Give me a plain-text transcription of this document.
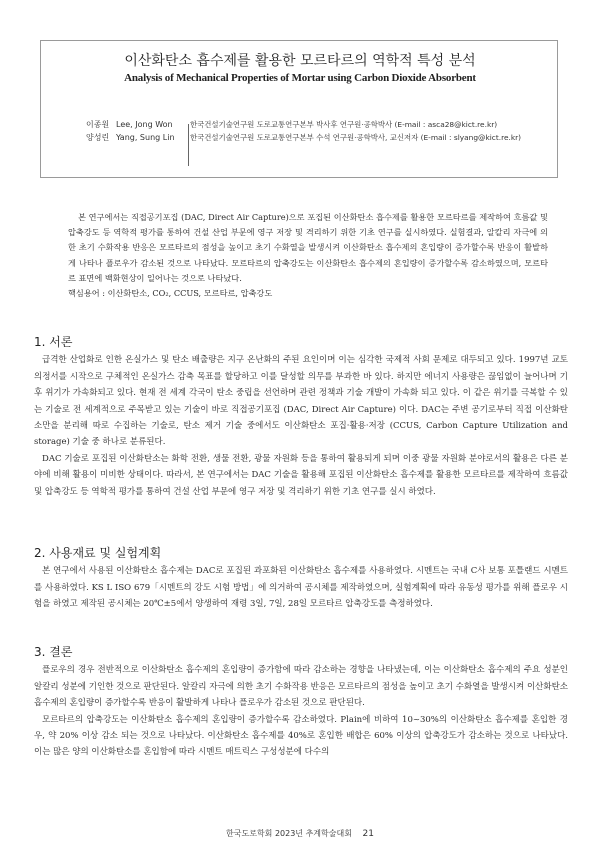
이산화탄소 흡수제를 활용한 모르타르의 역학적 특성 분석
Analysis of Mechanical Properties of Mortar using Carbon Dioxide Absorbent
이종원 Lee, Jong Won	한국건설기술연구원 도로교통연구본부 박사후 연구원·공학박사 (E-mail : asca28@kict.re.kr)
양성린 Yang, Sung Lin	한국건설기술연구원 도로교통연구본부 수석 연구원·공학박사, 교신저자 (E-mail : slyang@kict.re.kr)

본 연구에서는 직접공기포집 (DAC, Direct Air Capture)으로 포집된 이산화탄소 흡수제를 활용한 모르타르를 제작하여 흐름값 및 압축강도 등 역학적 평가를 통하여 건설 산업 부문에 영구 저장 및 격리하기 위한 기초 연구를 실시하였다. 실험결과, 알칼리 자극에 의한 초기 수화작용 반응은 모르타르의 점성을 높이고 초기 수화열을 발생시켜 이산화탄소 흡수제의 혼입량이 증가할수록 반응이 활발하게 나타나 플로우가 감소된 것으로 나타났다. 모르타르의 압축강도는 이산화탄소 흡수제의 혼입량이 증가할수록 감소하였으며, 모르타르 표면에 백화현상이 일어나는 것으로 나타났다.

핵심용어 : 이산화탄소, CO₂, CCUS, 모르타르, 압축강도

1. 서론

급격한 산업화로 인한 온실가스 및 탄소 배출량은 지구 온난화의 주된 요인이며 이는 심각한 국제적 사회 문제로 대두되고 있다. 1997년 교토의정서를 시작으로 구체적인 온실가스 감축 목표를 할당하고 이를 달성할 의무를 부과한 바 있다. 하지만 에너지 사용량은 끊임없이 늘어나며 기후 위기가 가속화되고 있다. 현재 전 세계 각국이 탄소 중립을 선언하며 관련 정책과 기술 개발이 가속화 되고 있다. 이 같은 위기를 극복할 수 있는 기술로 전 세계적으로 주목받고 있는 기술이 바로 직접공기포집 (DAC, Direct Air Capture) 이다. DAC는 주변 공기로부터 직접 이산화탄소만을 분리해 따로 수집하는 기술로, 탄소 제거 기술 중에서도 이산화탄소 포집·활용·저장 (CCUS, Carbon Capture Utilization and storage) 기술 중 하나로 분류된다.

DAC 기술로 포집된 이산화탄소는 화학 전환, 생물 전환, 광물 자원화 등을 통하여 활용되게 되며 이중 광물 자원화 분야로서의 활용은 다른 분야에 비해 활용이 미비한 상태이다. 따라서, 본 연구에서는 DAC 기술을 활용해 포집된 이산화탄소 흡수제를 활용한 모르타르를 제작하여 흐름값 및 압축강도 등 역학적 평가를 통하여 건설 산업 부문에 영구 저장 및 격리하기 위한 기초 연구를 실시 하였다.

2. 사용재료 및 실험계획

본 연구에서 사용된 이산화탄소 흡수제는 DAC로 포집된 과포화된 이산화탄소 흡수제를 사용하였다. 시멘트는 국내 C사 보통 포틀랜드 시멘트를 사용하였다. KS L ISO 679「시멘트의 강도 시험 방법」에 의거하여 공시체를 제작하였으며, 실험계획에 따라 유동성 평가를 위해 플로우 시험을 하였고 제작된 공시체는 20℃±5에서 양생하여 재령 3일, 7일, 28일 모르타르 압축강도를 측정하였다.

3. 결론

플로우의 경우 전반적으로 이산화탄소 흡수제의 혼입량이 증가함에 따라 감소하는 경향을 나타냈는데, 이는 이산화탄소 흡수제의 주요 성분인 알칼리 성분에 기인한 것으로 판단된다. 알칼리 자극에 의한 초기 수화작용 반응은 모르타르의 점성을 높이고 초기 수화열을 발생시켜 이산화탄소 흡수제의 혼입량이 증가할수록 반응이 활발하게 나타나 플로우가 감소된 것으로 판단된다.

모르타르의 압축강도는 이산화탄소 흡수제의 혼입량이 증가할수록 감소하였다. Plain에 비하여 10~30%의 이산화탄소 흡수제를 혼입한 경우, 약 20% 이상 감소 되는 것으로 나타났다. 이산화탄소 흡수제를 40%로 혼입한 배합은 60% 이상의 압축강도가 감소하는 것으로 나타났다. 이는 많은 양의 이산화탄소를 혼입함에 따라 시멘트 매트릭스 구성성분에 다수의

한국도로학회 2023년 추계학술대회 21
